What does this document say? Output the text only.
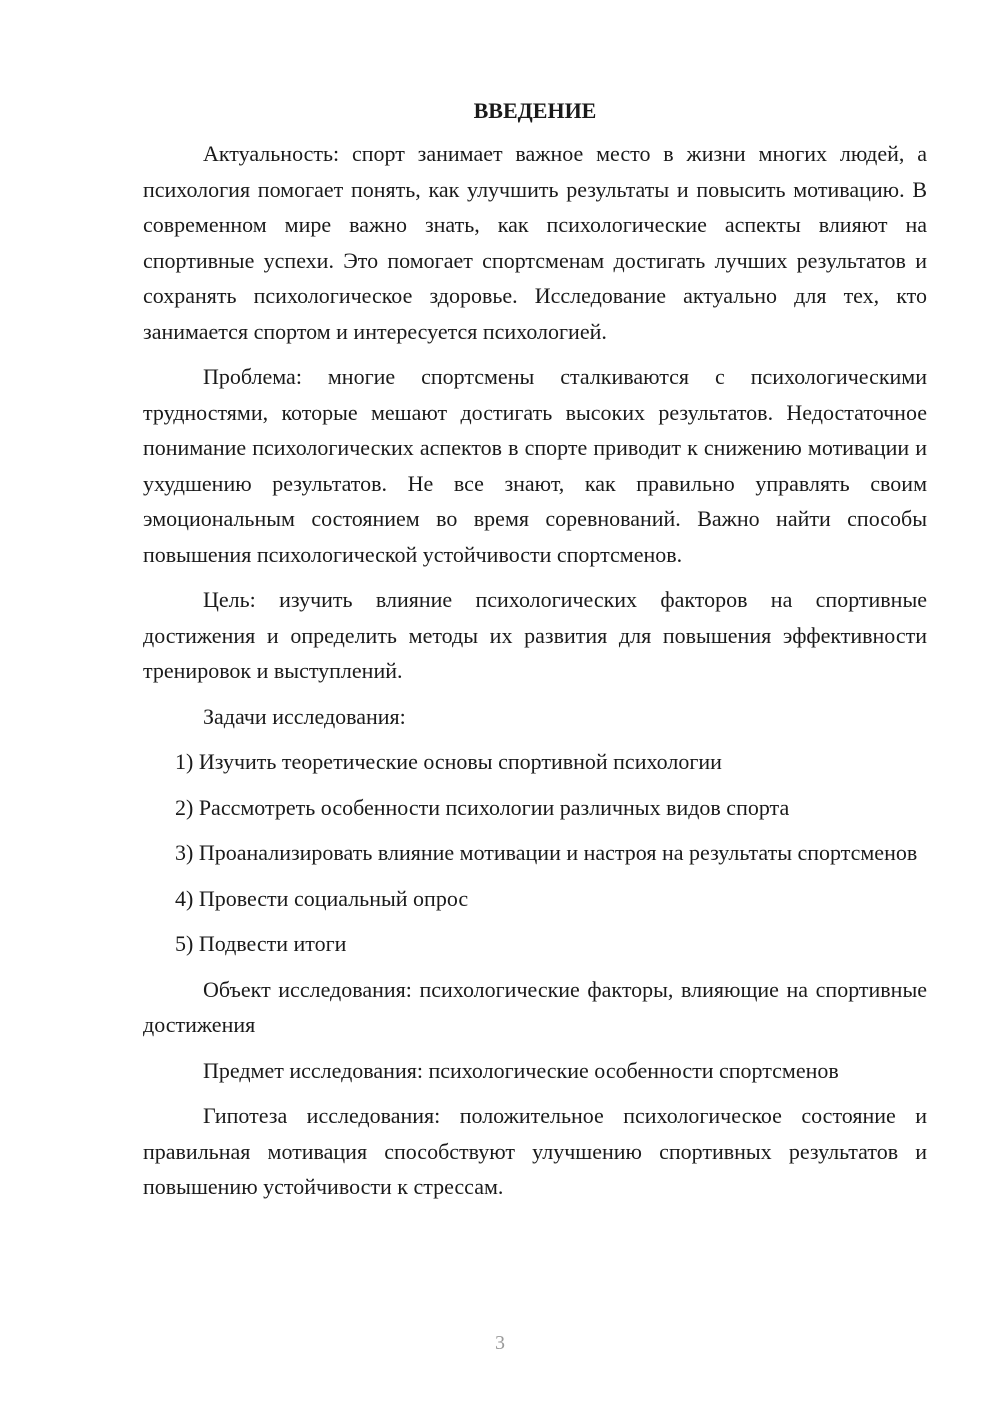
ВВЕДЕНИЕ

Актуальность: спорт занимает важное место в жизни многих людей, а психология помогает понять, как улучшить результаты и повысить мотивацию. В современном мире важно знать, как психологические аспекты влияют на спортивные успехи. Это помогает спортсменам достигать лучших результатов и сохранять психологическое здоровье. Исследование актуально для тех, кто занимается спортом и интересуется психологией.

Проблема: многие спортсмены сталкиваются с психологическими трудностями, которые мешают достигать высоких результатов. Недостаточное понимание психологических аспектов в спорте приводит к снижению мотивации и ухудшению результатов. Не все знают, как правильно управлять своим эмоциональным состоянием во время соревнований. Важно найти способы повышения психологической устойчивости спортсменов.

Цель: изучить влияние психологических факторов на спортивные достижения и определить методы их развития для повышения эффективности тренировок и выступлений.

Задачи исследования:

1) Изучить теоретические основы спортивной психологии

2) Рассмотреть особенности психологии различных видов спорта

3) Проанализировать влияние мотивации и настроя на результаты спортсменов

4) Провести социальный опрос

5) Подвести итоги

Объект исследования: психологические факторы, влияющие на спортивные достижения

Предмет исследования: психологические особенности спортсменов

Гипотеза исследования: положительное психологическое состояние и правильная мотивация способствуют улучшению спортивных результатов и повышению устойчивости к стрессам.

3
